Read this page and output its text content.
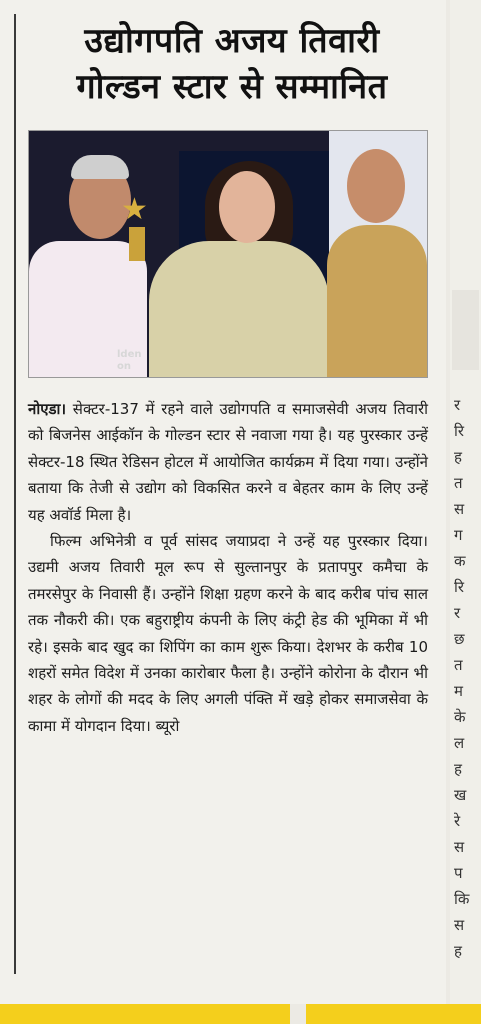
उद्योगपति अजय तिवारी
गोल्डन स्टार से सम्मानित
★
lden
on

नोएडा। सेक्टर-137 में रहने वाले उद्योगपति व समाजसेवी अजय तिवारी को बिजनेस आईकॉन के गोल्डन स्टार से नवाजा गया है। यह पुरस्कार उन्हें सेक्टर-18 स्थित रेडिसन होटल में आयोजित कार्यक्रम में दिया गया। उन्होंने बताया कि तेजी से उद्योग को विकसित करने व बेहतर काम के लिए उन्हें यह अवॉर्ड मिला है।

फिल्म अभिनेत्री व पूर्व सांसद जयाप्रदा ने उन्हें यह पुरस्कार दिया। उद्यमी अजय तिवारी मूल रूप से सुल्तानपुर के प्रतापपुर कमैचा के तमरसेपुर के निवासी हैं। उन्होंने शिक्षा ग्रहण करने के बाद करीब पांच साल तक नौकरी की। एक बहुराष्ट्रीय कंपनी के लिए कंट्री हेड की भूमिका में भी रहे। इसके बाद खुद का शिपिंग का काम शुरू किया। देशभर के करीब 10 शहरों समेत विदेश में उनका कारोबार फैला है। उन्होंने कोरोना के दौरान भी शहर के लोगों की मदद के लिए अगली पंक्ति में खड़े होकर समाजसेवा के कामा में योगदान दिया। ब्यूरो

र
रि
ह
त
स
ग
क
रि
र
छ
त
म
के
ल
ह
ख
रे
स
प
कि
स
ह
